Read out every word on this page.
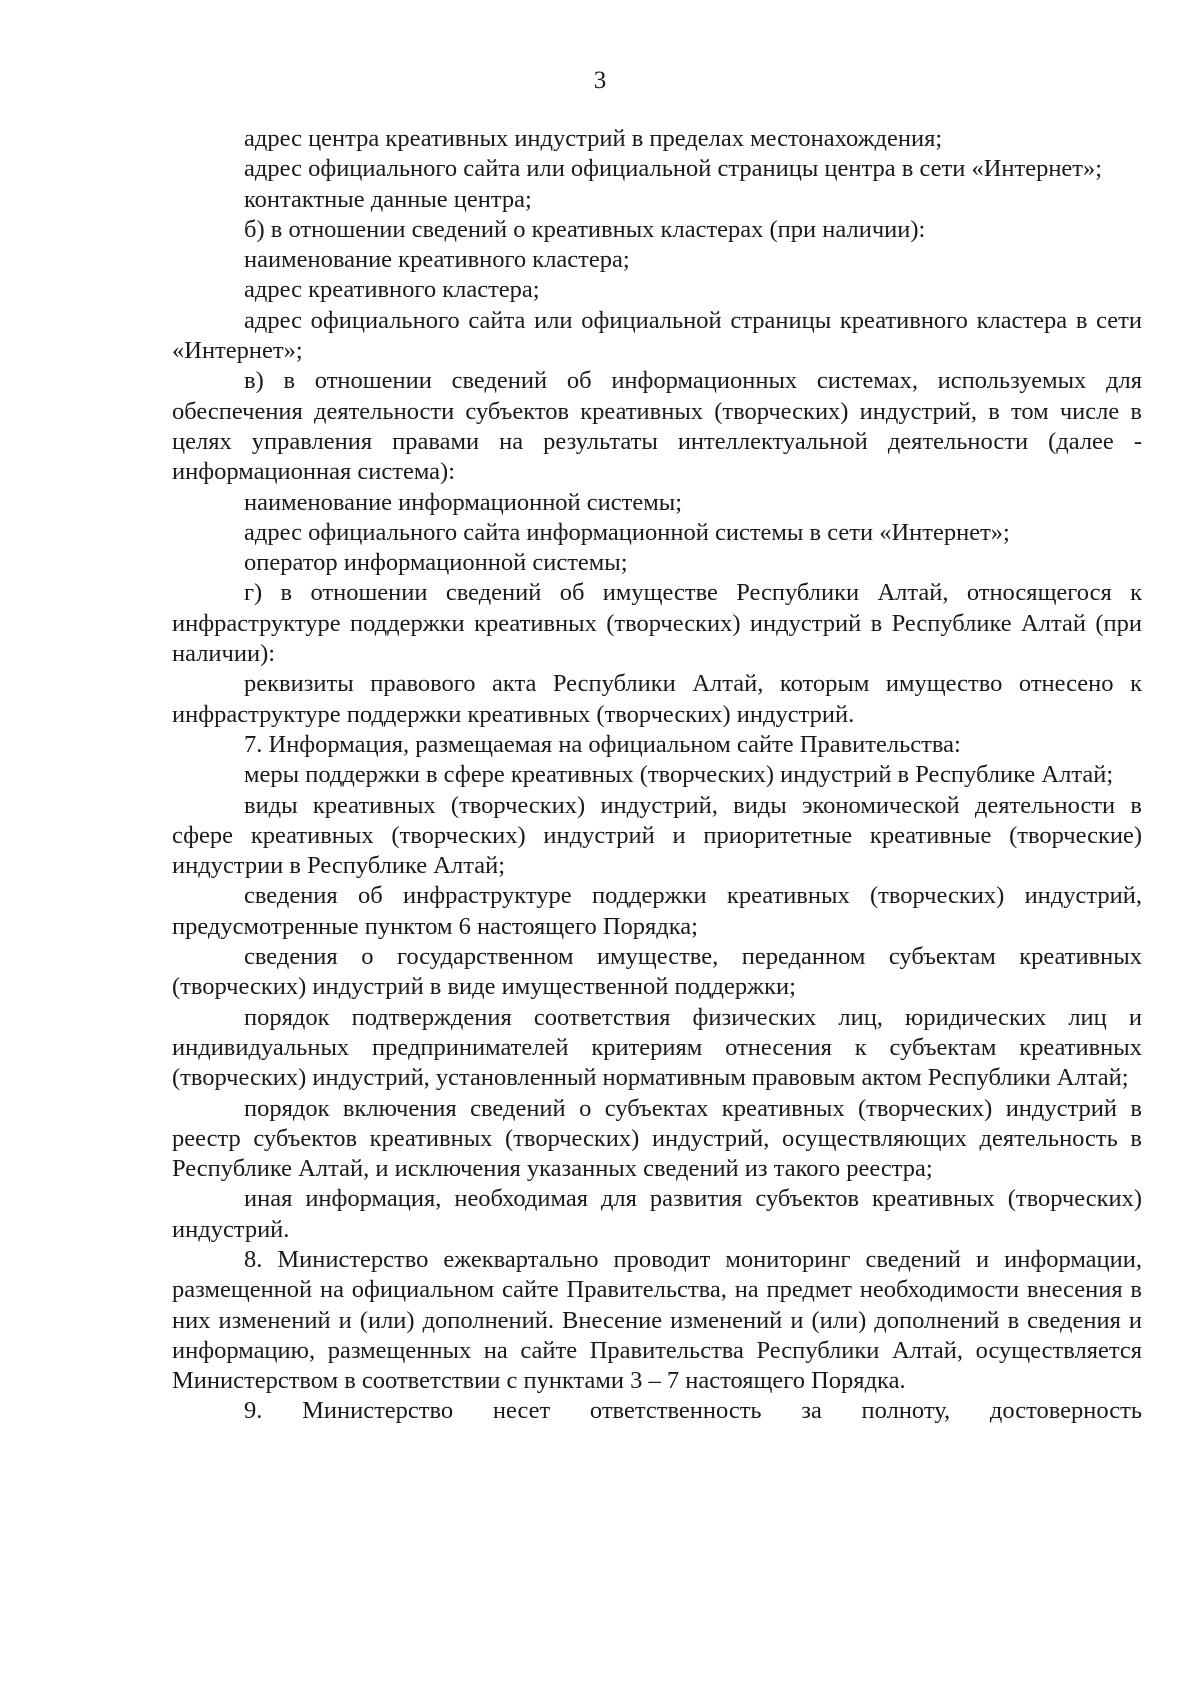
3

адрес центра креативных индустрий в пределах местонахождения;

адрес официального сайта или официальной страницы центра в сети «Интернет»;

контактные данные центра;

б) в отношении сведений о креативных кластерах (при наличии):

наименование креативного кластера;

адрес креативного кластера;

адрес официального сайта или официальной страницы креативного кластера в сети «Интернет»;

в) в отношении сведений об информационных системах, используемых для обеспечения деятельности субъектов креативных (творческих) индустрий, в том числе в целях управления правами на результаты интеллектуальной деятельности (далее - информационная система):

наименование информационной системы;

адрес официального сайта информационной системы в сети «Интернет»;

оператор информационной системы;

г) в отношении сведений об имуществе Республики Алтай, относящегося к инфраструктуре поддержки креативных (творческих) индустрий в Республике Алтай (при наличии):

реквизиты правового акта Республики Алтай, которым имущество отнесено к инфраструктуре поддержки креативных (творческих) индустрий.

7. Информация, размещаемая на официальном сайте Правительства:

меры поддержки в сфере креативных (творческих) индустрий в Республике Алтай;

виды креативных (творческих) индустрий, виды экономической деятельности в сфере креативных (творческих) индустрий и приоритетные креативные (творческие) индустрии в Республике Алтай;

сведения об инфраструктуре поддержки креативных (творческих) индустрий, предусмотренные пунктом 6 настоящего Порядка;

сведения о государственном имуществе, переданном субъектам креативных (творческих) индустрий в виде имущественной поддержки;

порядок подтверждения соответствия физических лиц, юридических лиц и индивидуальных предпринимателей критериям отнесения к субъектам креативных (творческих) индустрий, установленный нормативным правовым актом Республики Алтай;

порядок включения сведений о субъектах креативных (творческих) индустрий в реестр субъектов креативных (творческих) индустрий, осуществляющих деятельность в Республике Алтай, и исключения указанных сведений из такого реестра;

иная информация, необходимая для развития субъектов креативных (творческих) индустрий.

8. Министерство ежеквартально проводит мониторинг сведений и информации, размещенной на официальном сайте Правительства, на предмет необходимости внесения в них изменений и (или) дополнений. Внесение изменений и (или) дополнений в сведения и информацию, размещенных на сайте Правительства Республики Алтай, осуществляется Министерством в соответствии с пунктами 3 – 7 настоящего Порядка.

9. Министерство несет ответственность за полноту, достоверность
